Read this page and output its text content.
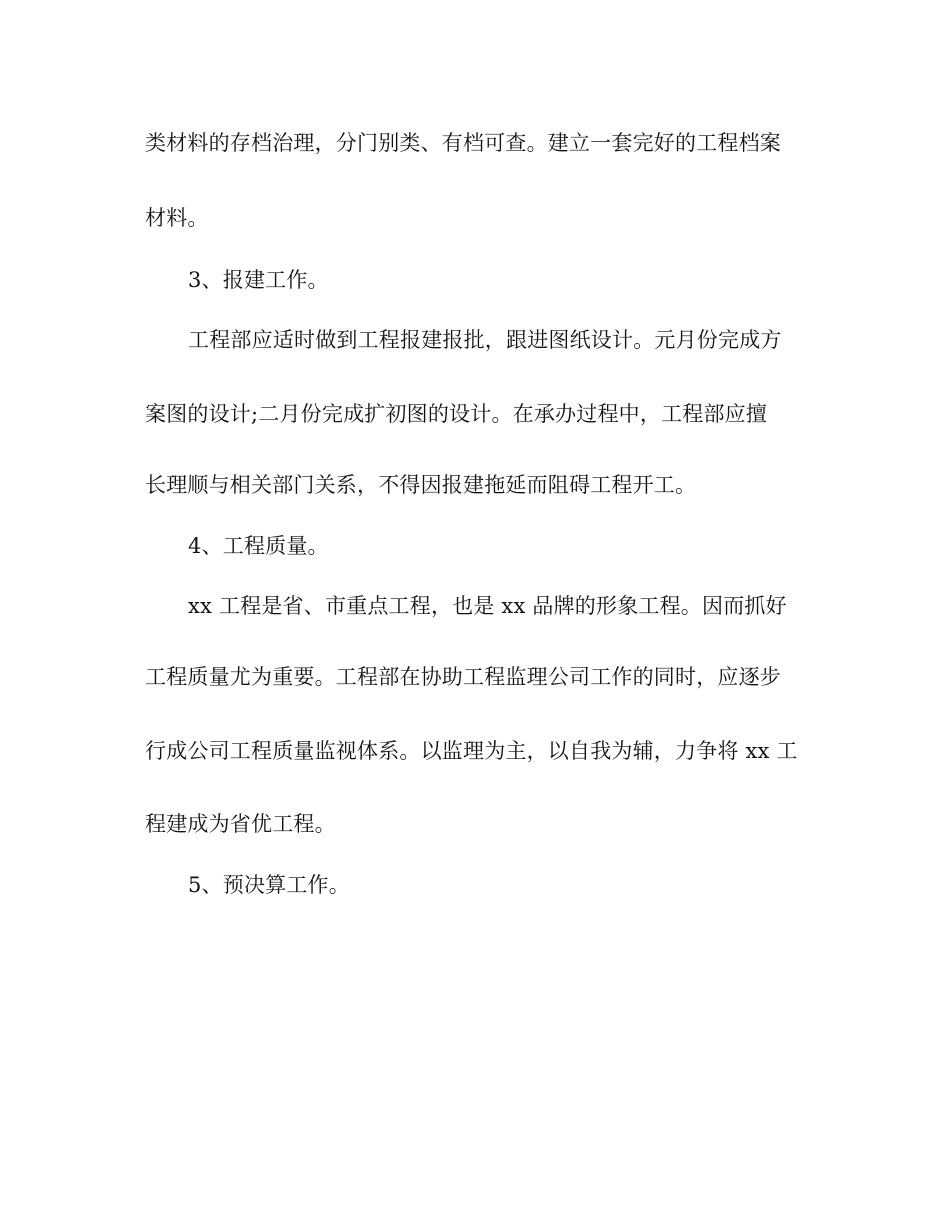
类材料的存档治理，分门别类、有档可查。建立一套完好的工程档案
材料。
3、报建工作。
工程部应适时做到工程报建报批，跟进图纸设计。元月份完成方
案图的设计;二月份完成扩初图的设计。在承办过程中，工程部应擅
长理顺与相关部门关系，不得因报建拖延而阻碍工程开工。
4、工程质量。
xx 工程是省、市重点工程，也是 xx 品牌的形象工程。因而抓好
工程质量尤为重要。工程部在协助工程监理公司工作的同时，应逐步
行成公司工程质量监视体系。以监理为主，以自我为辅，力争将 xx 工
程建成为省优工程。
5、预决算工作。
